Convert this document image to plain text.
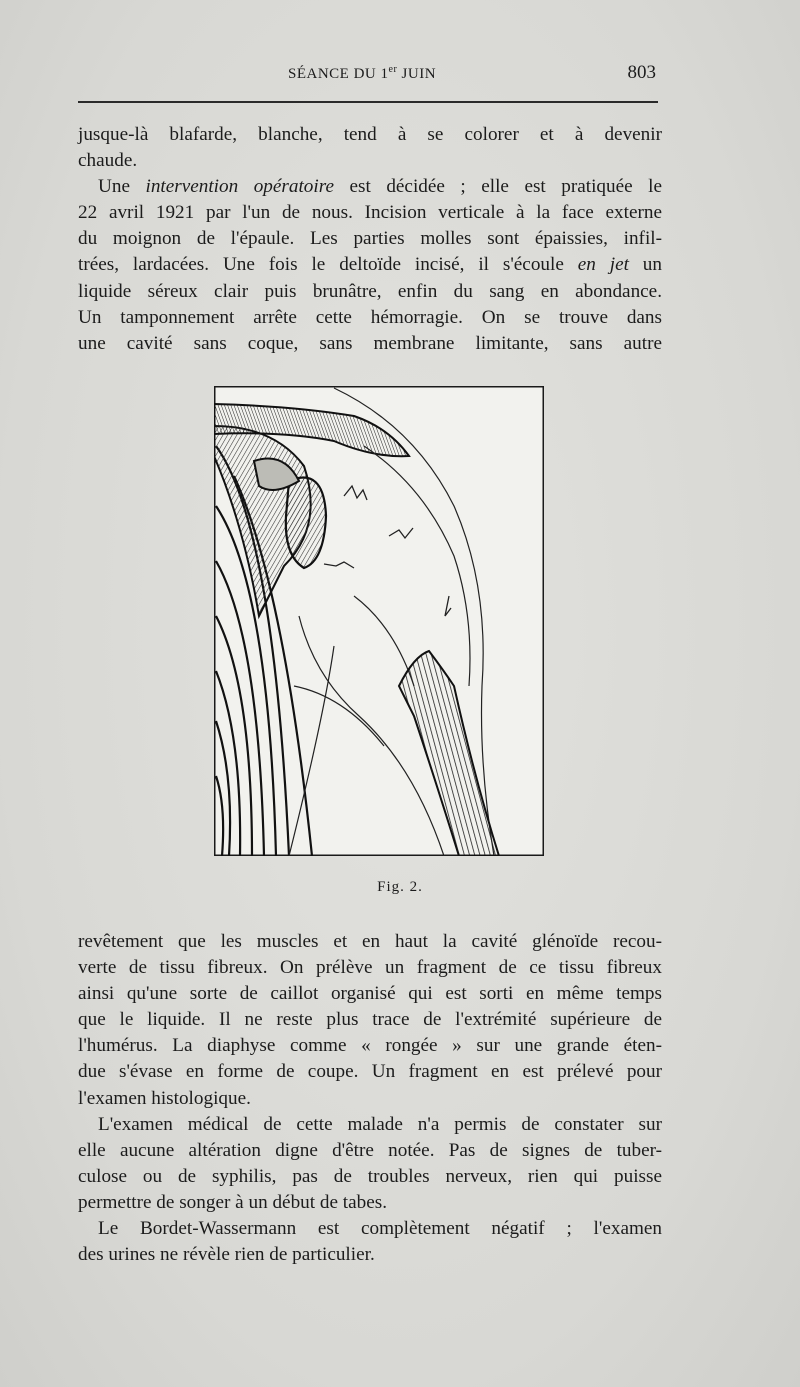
SÉANCE DU 1er JUIN	803
jusque-là blafarde, blanche, tend à se colorer et à devenir
chaude.
Une intervention opératoire est décidée ; elle est pratiquée le
22 avril 1921 par l'un de nous. Incision verticale à la face externe
du moignon de l'épaule. Les parties molles sont épaissies, infil-
trées, lardacées. Une fois le deltoïde incisé, il s'écoule en jet un
liquide séreux clair puis brunâtre, enfin du sang en abondance.
Un tamponnement arrête cette hémorragie. On se trouve dans
une cavité sans coque, sans membrane limitante, sans autre
Fig. 2.
revêtement que les muscles et en haut la cavité glénoïde recou-
verte de tissu fibreux. On prélève un fragment de ce tissu fibreux
ainsi qu'une sorte de caillot organisé qui est sorti en même temps
que le liquide. Il ne reste plus trace de l'extrémité supérieure de
l'humérus. La diaphyse comme « rongée » sur une grande éten-
due s'évase en forme de coupe. Un fragment en est prélevé pour
l'examen histologique.
L'examen médical de cette malade n'a permis de constater sur
elle aucune altération digne d'être notée. Pas de signes de tuber-
culose ou de syphilis, pas de troubles nerveux, rien qui puisse
permettre de songer à un début de tabes.
Le Bordet-Wassermann est complètement négatif ; l'examen
des urines ne révèle rien de particulier.
